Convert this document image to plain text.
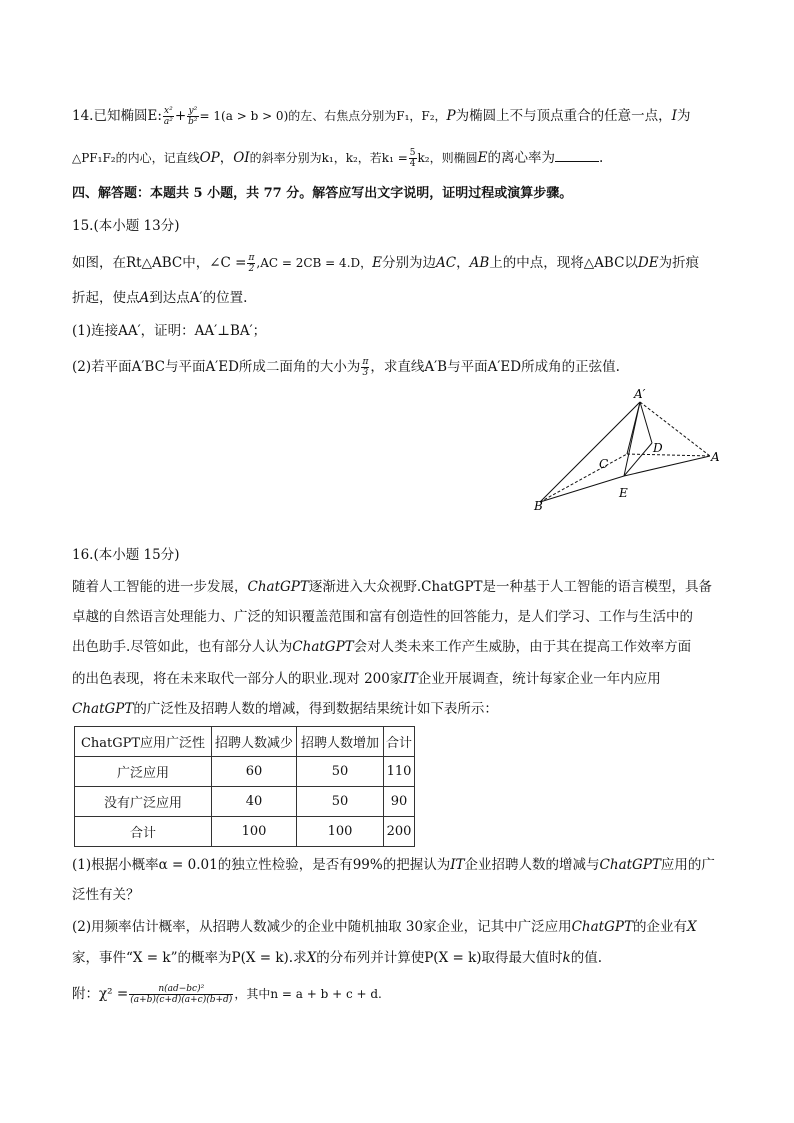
14.已知椭圆E: $\frac{\text{x²}}{\text{a²}} + \frac{\text{y²}}{\text{b²}} = 1(a > b > 0)$的左、右焦点分别为F₁，F₂，P为椭圆上不与顶点重合的任意一点，I为
△PF₁F₂的内心，记直线OP，OI的斜率分别为k₁，k₂，若$k_1 = \frac{5}{4} k_2$，则椭圆E的离心率为	.
四、解答题：本题共 5 小题，共 77 分。解答应写出文字说明，证明过程或演算步骤。
15.(本小题 13分)
如图，在Rt△ABC中，∠C = $\frac{\pi}{2} ,AC = 2CB = 4.D$，E分别为边AC，AB上的中点，现将△ABC以DE为折痕
折起，使点A到达点A′的位置.
(1)连接AA′，证明：AA′⊥BA′；
(2)若平面A′BC与平面A′ED所成二面角的大小为 $\frac{\pi}{3}$ ，求直线A′B与平面A′ED所成角的正弦值.
A′
A
B
C
D
E
16.(本小题 15分)
随着人工智能的进一步发展，ChatGPT逐渐进入大众视野.ChatGPT是一种基于人工智能的语言模型，具备
卓越的自然语言处理能力、广泛的知识覆盖范围和富有创造性的回答能力，是人们学习、工作与生活中的
出色助手.尽管如此，也有部分人认为ChatGPT会对人类未来工作产生威胁，由于其在提高工作效率方面
的出色表现，将在未来取代一部分人的职业.现对 200家IT企业开展调查，统计每家企业一年内应用
ChatGPT的广泛性及招聘人数的增减，得到数据结果统计如下表所示：
ChatGPT应用广泛性	招聘人数减少	招聘人数增加	合计
广泛应用	60	50	110
没有广泛应用	40	50	90
合计	100	100	200
(1)根据小概率α = 0.01的独立性检验，是否有99%的把握认为IT企业招聘人数的增减与ChatGPT应用的广
泛性有关？
(2)用频率估计概率，从招聘人数减少的企业中随机抽取 30家企业，记其中广泛应用ChatGPT的企业有X
家，事件“X = k”的概率为P(X = k).求X的分布列并计算使P(X = k)取得最大值时k的值.
附：$\chi^2 = \frac{\text{n(ad−bc)²}}{(a+b)(c+d)(a+c)(b+d)}$ ，其中n = a + b + c + d.
